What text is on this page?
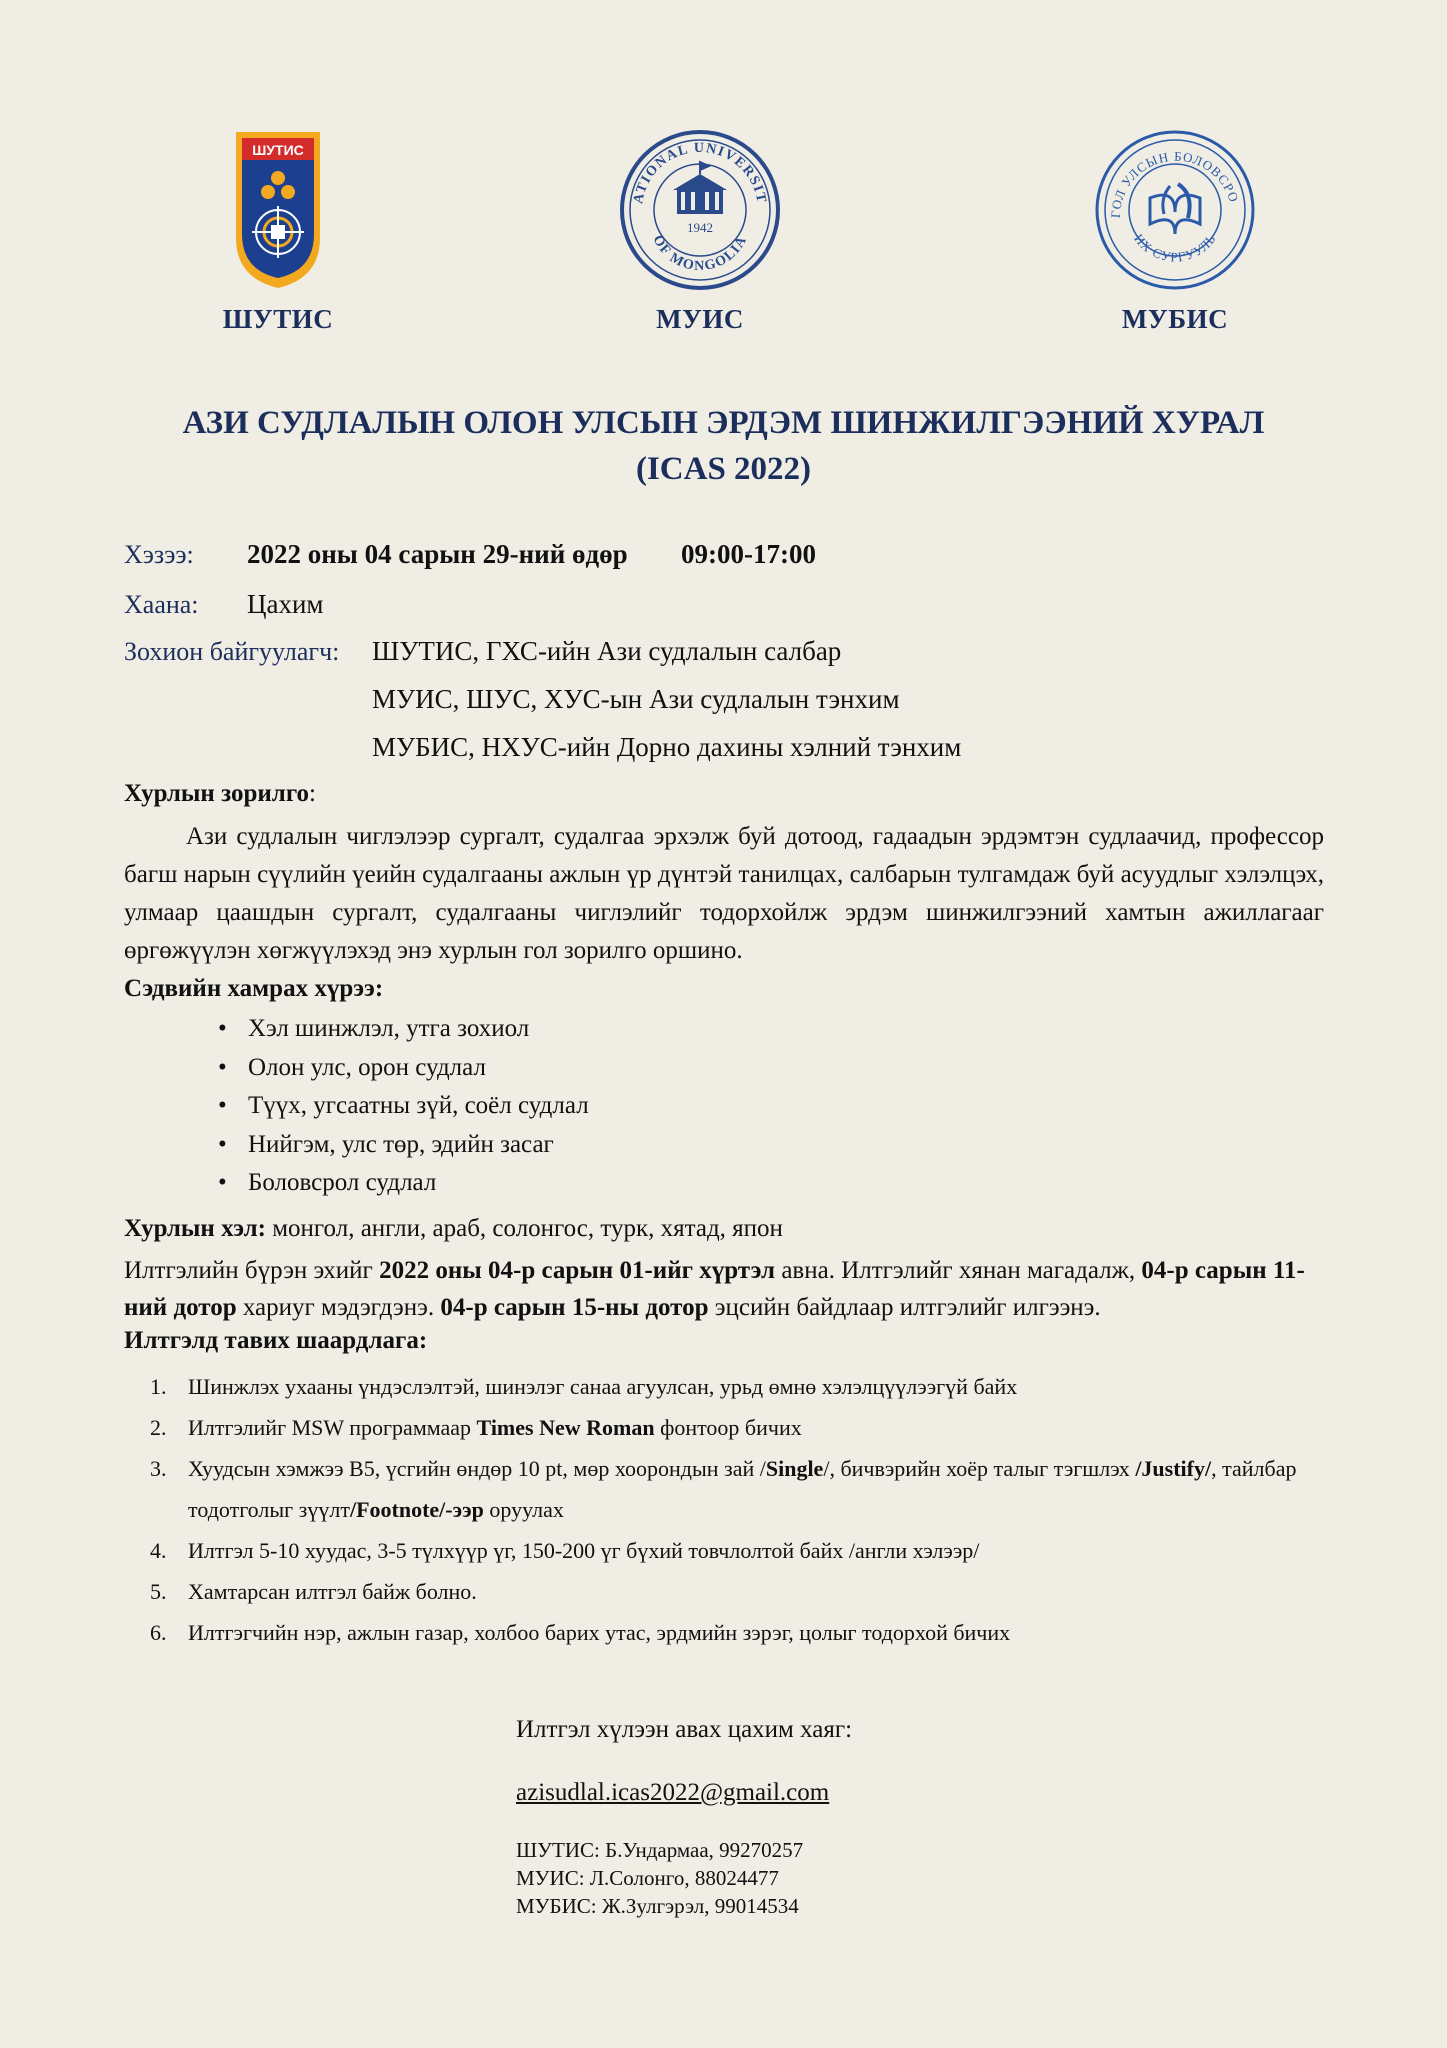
ШУТИС
ШУТИС
ATIONAL UNIVERSIT
OF MONGOLIA
1942
МУИС
ГОЛ УЛСЫН БОЛОВСРО
ИХ СУРГУУЛЬ
МУБИС
АЗИ СУДЛАЛЫН ОЛОН УЛСЫН ЭРДЭМ ШИНЖИЛГЭЭНИЙ ХУРАЛ
(ICAS 2022)
Хэзээ: 2022 оны 04 сарын 29-ний өдөр 09:00-17:00
Хаана: Цахим
Зохион байгуулагч: ШУТИС, ГХС-ийн Ази судлалын салбар
МУИС, ШУС, ХУС-ын Ази судлалын тэнхим
МУБИС, НХУС-ийн Дорно дахины хэлний тэнхим
Хурлын зорилго:
Ази судлалын чиглэлээр сургалт, судалгаа эрхэлж буй дотоод, гадаадын эрдэмтэн судлаачид, профессор багш нарын сүүлийн үеийн судалгааны ажлын үр дүнтэй танилцах, салбарын тулгамдаж буй асуудлыг хэлэлцэх, улмаар цаашдын сургалт, судалгааны чиглэлийг тодорхойлж эрдэм шинжилгээний хамтын ажиллагааг өргөжүүлэн хөгжүүлэхэд энэ хурлын гол зорилго оршино.
Сэдвийн хамрах хүрээ:
• Хэл шинжлэл, утга зохиол
• Олон улс, орон судлал
• Түүх, угсаатны зүй, соёл судлал
• Нийгэм, улс төр, эдийн засаг
• Боловсрол судлал
Хурлын хэл: монгол, англи, араб, солонгос, турк, хятад, япон
Илтгэлийн бүрэн эхийг 2022 оны 04-р сарын 01-ийг хүртэл авна. Илтгэлийг хянан магадалж, 04-р сарын 11-ний дотор хариуг мэдэгдэнэ. 04-р сарын 15-ны дотор эцсийн байдлаар илтгэлийг илгээнэ.
Илтгэлд тавих шаардлага:
1. Шинжлэх ухааны үндэслэлтэй, шинэлэг санаа агуулсан, урьд өмнө хэлэлцүүлээгүй байх
2. Илтгэлийг MSW программаар Times New Roman фонтоор бичих
3. Хуудсын хэмжээ B5, үсгийн өндөр 10 pt, мөр хоорондын зай /Single/, бичвэрийн хоёр талыг тэгшлэх /Justify/, тайлбар тодотголыг зүүлт/Footnote/-ээр оруулах
4. Илтгэл 5-10 хуудас, 3-5 түлхүүр үг, 150-200 үг бүхий товчлолтой байх /англи хэлээр/
5. Хамтарсан илтгэл байж болно.
6. Илтгэгчийн нэр, ажлын газар, холбоо барих утас, эрдмийн зэрэг, цолыг тодорхой бичих
Илтгэл хүлээн авах цахим хаяг:
azisudlal.icas2022@gmail.com
ШУТИС: Б.Ундармаа, 99270257
МУИС: Л.Солонго, 88024477
МУБИС: Ж.Зулгэрэл, 99014534
